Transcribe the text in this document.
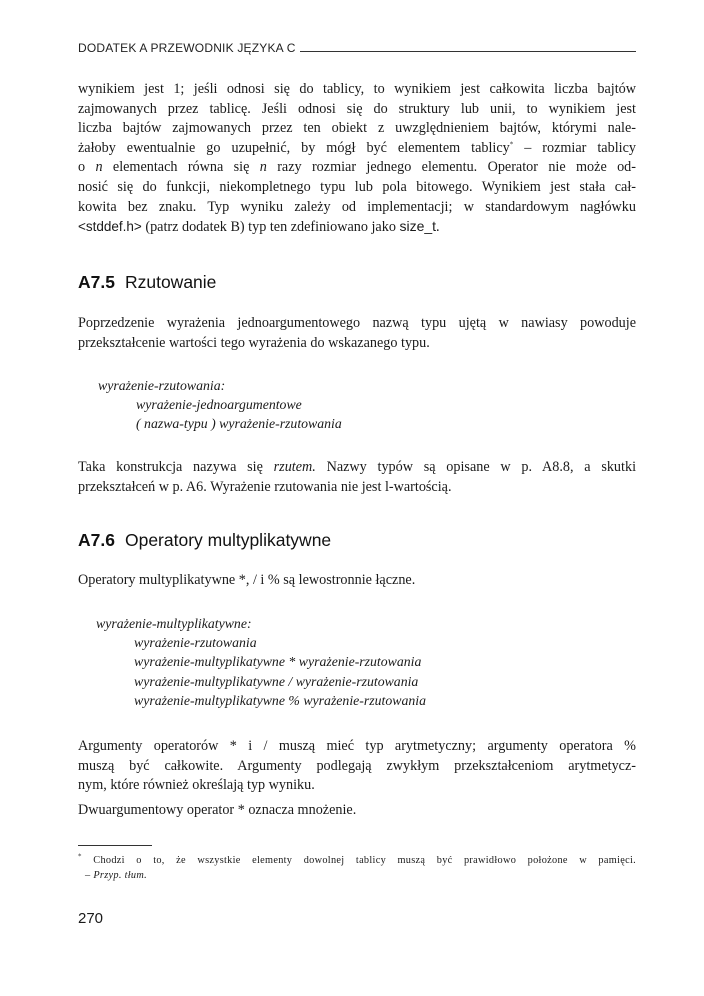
DODATEK A PRZEWODNIK JĘZYKA C

wynikiem jest 1; jeśli odnosi się do tablicy, to wynikiem jest całkowita liczba bajtów
zajmowanych przez tablicę. Jeśli odnosi się do struktury lub unii, to wynikiem jest
liczba bajtów zajmowanych przez ten obiekt z uwzględnieniem bajtów, którymi nale-
żałoby ewentualnie go uzupełnić, by mógł być elementem tablicy* – rozmiar tablicy
o n elementach równa się n razy rozmiar jednego elementu. Operator nie może od-
nosić się do funkcji, niekompletnego typu lub pola bitowego. Wynikiem jest stała cał-
kowita bez znaku. Typ wyniku zależy od implementacji; w standardowym nagłówku
<stddef.h> (patrz dodatek B) typ ten zdefiniowano jako size_t.

A7.5 Rzutowanie

Poprzedzenie wyrażenia jednoargumentowego nazwą typu ujętą w nawiasy powoduje
przekształcenie wartości tego wyrażenia do wskazanego typu.

wyrażenie-rzutowania:
wyrażenie-jednoargumentowe
( nazwa-typu ) wyrażenie-rzutowania

Taka konstrukcja nazywa się rzutem. Nazwy typów są opisane w p. A8.8, a skutki
przekształceń w p. A6. Wyrażenie rzutowania nie jest l-wartością.

A7.6 Operatory multyplikatywne

Operatory multyplikatywne *, / i % są lewostronnie łączne.

wyrażenie-multyplikatywne:
wyrażenie-rzutowania
wyrażenie-multyplikatywne * wyrażenie-rzutowania
wyrażenie-multyplikatywne / wyrażenie-rzutowania
wyrażenie-multyplikatywne % wyrażenie-rzutowania

Argumenty operatorów * i / muszą mieć typ arytmetyczny; argumenty operatora %
muszą być całkowite. Argumenty podlegają zwykłym przekształceniom arytmetycz-
nym, które również określają typ wyniku.

Dwuargumentowy operator * oznacza mnożenie.

* Chodzi o to, że wszystkie elementy dowolnej tablicy muszą być prawidłowo położone w pamięci.
– Przyp. tłum.
270
